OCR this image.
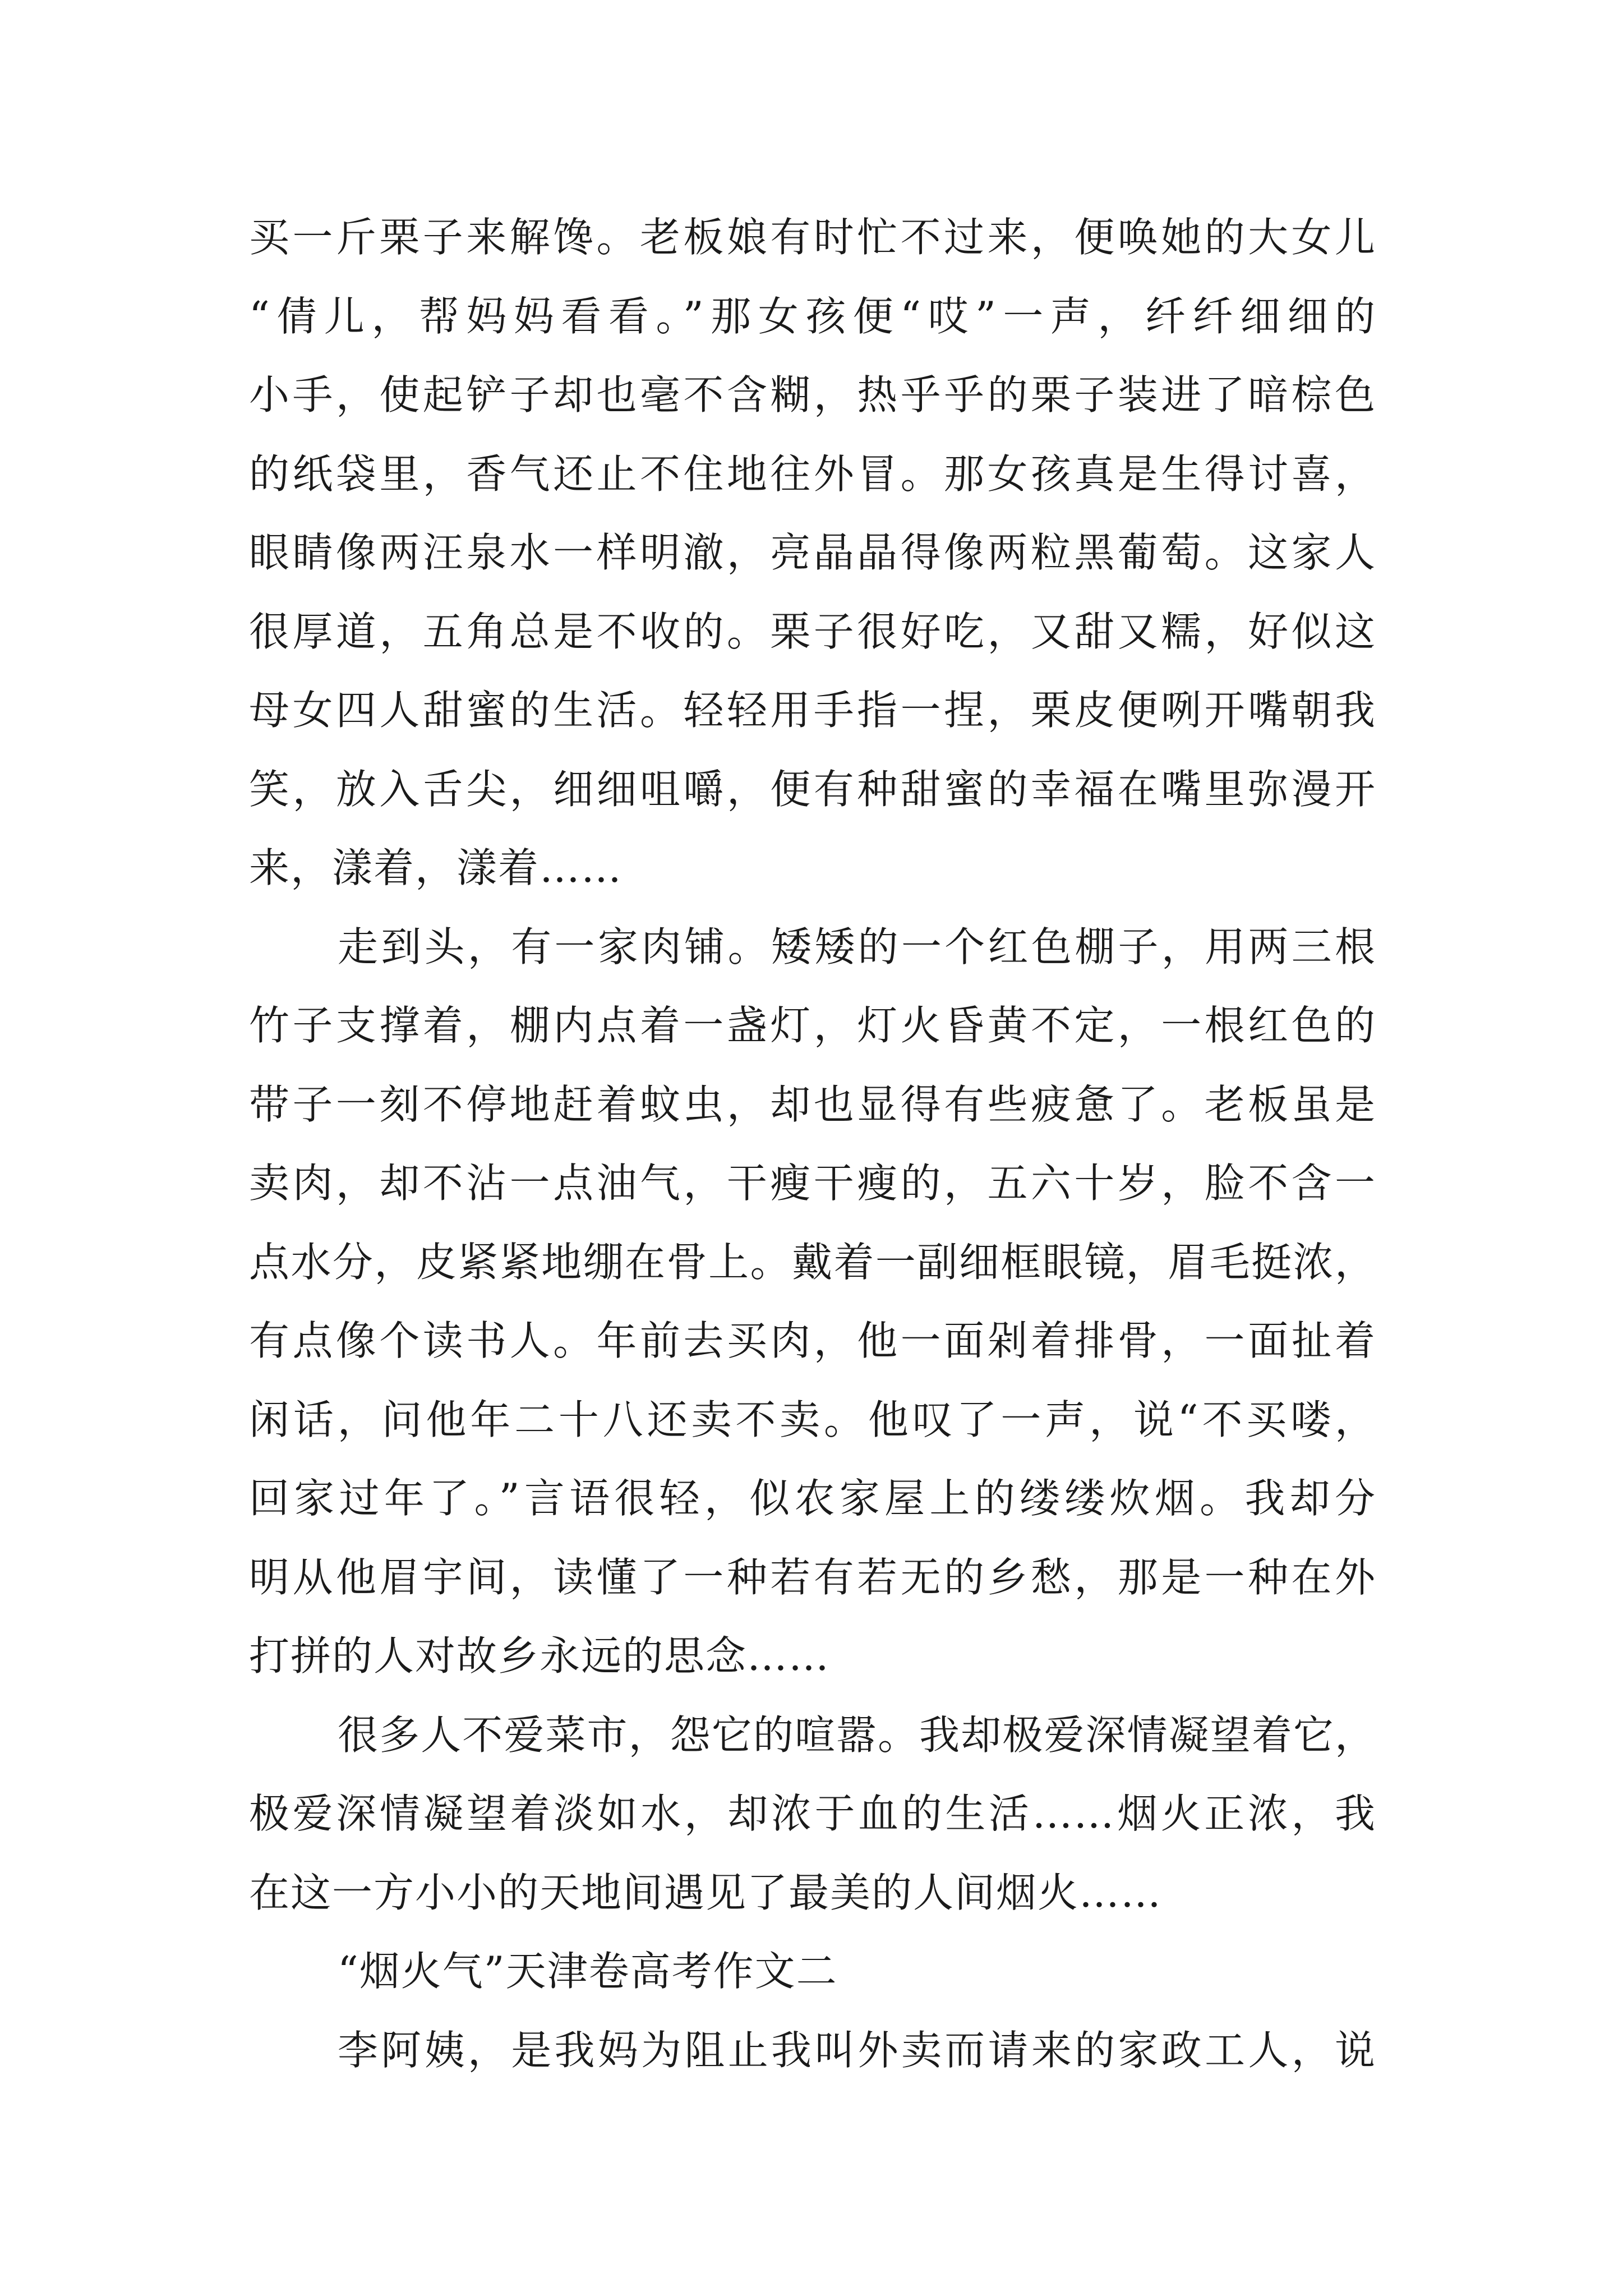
买一斤栗子来解馋。老板娘有时忙不过来，便唤她的大女儿
“倩儿，帮妈妈看看。”那女孩便“哎”一声，纤纤细细的
小手，使起铲子却也毫不含糊，热乎乎的栗子装进了暗棕色
的纸袋里，香气还止不住地往外冒。那女孩真是生得讨喜，
眼睛像两汪泉水一样明澈，亮晶晶得像两粒黑葡萄。这家人
很厚道，五角总是不收的。栗子很好吃，又甜又糯，好似这
母女四人甜蜜的生活。轻轻用手指一捏，栗皮便咧开嘴朝我
笑，放入舌尖，细细咀嚼，便有种甜蜜的幸福在嘴里弥漫开
来，漾着，漾着……
走到头，有一家肉铺。矮矮的一个红色棚子，用两三根
竹子支撑着，棚内点着一盏灯，灯火昏黄不定，一根红色的
带子一刻不停地赶着蚊虫，却也显得有些疲惫了。老板虽是
卖肉，却不沾一点油气，干瘦干瘦的，五六十岁，脸不含一
点水分，皮紧紧地绷在骨上。戴着一副细框眼镜，眉毛挺浓，
有点像个读书人。年前去买肉，他一面剁着排骨，一面扯着
闲话，问他年二十八还卖不卖。他叹了一声，说“不买喽，
回家过年了。”言语很轻，似农家屋上的缕缕炊烟。我却分
明从他眉宇间，读懂了一种若有若无的乡愁，那是一种在外
打拼的人对故乡永远的思念……
很多人不爱菜市，怨它的喧嚣。我却极爱深情凝望着它，
极爱深情凝望着淡如水，却浓于血的生活……烟火正浓，我
在这一方小小的天地间遇见了最美的人间烟火……
“烟火气”天津卷高考作文二
李阿姨，是我妈为阻止我叫外卖而请来的家政工人，说
